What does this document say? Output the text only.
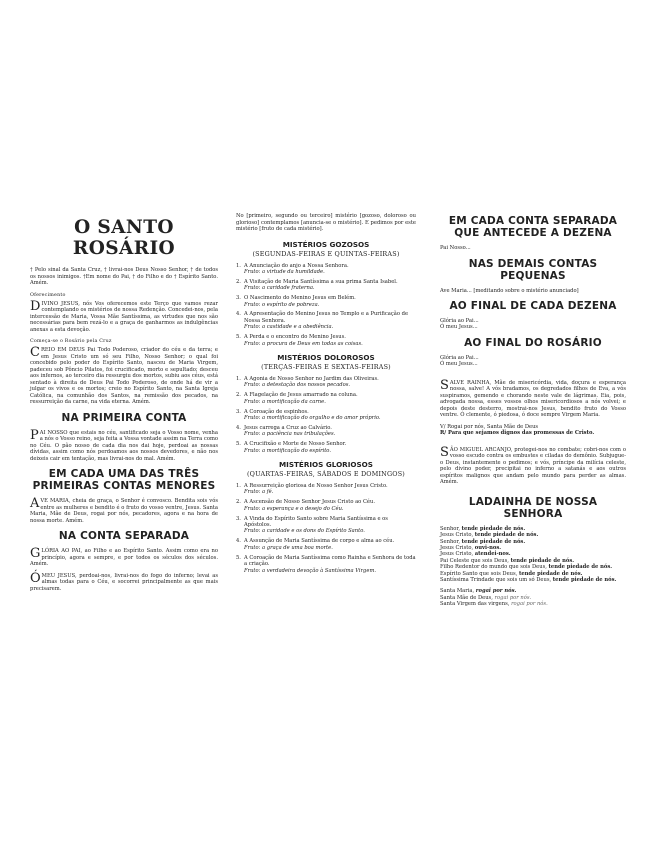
O SANTO ROSÁRIO

† Pelo sinal da Santa Cruz, † livrai-nos Deus Nosso Senhor, † de todos os nossos inimigos. †Em nome do Pai, † do Filho e do † Espírito Santo. Amém.

Oferecimento

DIVINO JESUS, nós Vos oferecemos este Terço que vamos rezar contemplando os mistérios de nossa Redenção. Concedei-nos, pela intercessão de Maria, Vossa Mãe Santíssima, as virtudes que nos são necessárias para bem rezá-lo e a graça de ganharmos as indulgências anexas a esta devoção.

Começa-se o Rosário pela Cruz

CREIO EM DEUS Pai Todo Poderoso, criador do céu e da terra; e em Jesus Cristo um só seu Filho, Nosso Senhor; o qual foi concebido pelo poder do Espírito Santo, nasceu de Maria Virgem, padeceu sob Pôncio Pilatos, foi crucificado, morto e sepultado; desceu aos infernos, ao terceiro dia ressurgiu dos mortos, subiu aos céus, está sentado à direita de Deus Pai Todo Poderoso, de onde há de vir a julgar os vivos e os mortos; creio no Espírito Santo, na Santa Igreja Católica, na comunhão dos Santos, na remissão dos pecados, na ressurreição da carne, na vida eterna. Amém.

NA PRIMEIRA CONTA

PAI NOSSO que estais no céu, santificado seja o Vosso nome, venha a nós o Vosso reino, seja feita a Vossa vontade assim na Terra como no Céu. O pão nosso de cada dia nos dai hoje, perdoai as nossas dívidas, assim como nós perdoamos aos nossos devedores, e não nos deixeis cair em tentação, mas livrai-nos do mal. Amém.

EM CADA UMA DAS TRÊS PRIMEIRAS CONTAS MENORES

AVE MARIA, cheia de graça, o Senhor é convosco. Bendita sois vós entre as mulheres e bendito é o fruto do vosso ventre, Jesus. Santa Maria, Mãe de Deus, rogai por nós, pecadores, agora e na hora de nossa morte. Amém.

NA CONTA SEPARADA

GLÓRIA AO PAI, ao Filho e ao Espírito Santo. Assim como era no princípio, agora e sempre, e por todos os séculos dos séculos. Amém.

ÓMEU JESUS, perdoai-nos, livrai-nos do fogo do inferno; levai as almas todas para o Céu, e socorrei principalmente as que mais precisarem.

No [primeiro, segundo ou terceiro] mistério [gozoso, doloroso ou glorioso] contemplamos [anuncia-se o mistério]. E pedimos por este mistério [fruto de cada mistério].

MISTÉRIOS GOZOSOS
(SEGUNDAS-FEIRAS E QUINTAS-FEIRAS)
1. A Anunciação do anjo a Nossa Senhora.
Fruto: a virtude da humildade.
2. A Visitação de Maria Santíssima a sua prima Santa Isabel.
Fruto: a caridade fraterna.
3. O Nascimento do Menino Jesus em Belém.
Fruto: o espírito de pobreza.
4. A Apresentação do Menino Jesus no Templo e a Purificação de Nossa Senhora.
Fruto: a castidade e a obediência.
5. A Perda e o encontro do Menino Jesus.
Fruto: a procura de Deus em todas as coisas.
MISTÉRIOS DOLOROSOS
(TERÇAS-FEIRAS E SEXTAS-FEIRAS)
1. A Agonia de Nosso Senhor no Jardim das Oliveiras.
Fruto: a detestação dos nossos pecados.
2. A Flagelação de Jesus amarrado na coluna.
Fruto: a mortificação da carne.
3. A Coroação de espinhos.
Fruto: a mortificação do orgulho e do amor próprio.
4. Jesus carrega a Cruz ao Calvário.
Fruto: a paciência nas tribulações.
5. A Crucifixão e Morte de Nosso Senhor.
Fruto: a mortificação do espírito.
MISTÉRIOS GLORIOSOS
(QUARTAS-FEIRAS, SÁBADOS E DOMINGOS)
1. A Ressurreição gloriosa de Nosso Senhor Jesus Cristo.
Fruto: a fé.
2. A Ascensão de Nosso Senhor Jesus Cristo ao Céu.
Fruto: a esperança e o desejo do Céu.
3. A Vinda do Espírito Santo sobre Maria Santíssima e os Apóstolos.
Fruto: a caridade e os dons do Espírito Santo.
4. A Assunção de Maria Santíssima de corpo e alma ao céu.
Fruto: a graça de uma boa morte.
5. A Coroação de Maria Santíssima como Rainha e Senhora de toda a criação.
Fruto: a verdadeira devoção à Santíssima Virgem.
EM CADA CONTA SEPARADA QUE ANTECEDE A DEZENA

Pai Nosso...

NAS DEMAIS CONTAS PEQUENAS

Ave Maria... [meditando sobre o mistério anunciado]

AO FINAL DE CADA DEZENA

Glória ao Pai...

Ó meu Jesus...

AO FINAL DO ROSÁRIO

Glória ao Pai...

Ó meu Jesus...

SALVE RAINHA, Mãe de misericórdia, vida, doçura e esperança nossa, salve! A vós bradamos, os degredados filhos de Eva, a vós suspiramos, gemendo e chorando neste vale de lágrimas. Eia, pois, advogada nossa, esses vossos olhos misericordiosos a nós volvei; e depois deste desterro, mostrai-nos Jesus, bendito fruto do Vosso ventre. Ó clemente, ó piedosa, ó doce sempre Virgem Maria.

V/ Rogai por nós, Santa Mãe de Deus

R/ Para que sejamos dignos das promessas de Cristo.

SÃO MIGUEL ARCANJO, protegei-nos no combate; cobri-nos com o vosso escudo contra os embustes e ciladas do demônio. Subjugue-o Deus, instantemente o pedimos; e vós, príncipe da milícia celeste, pelo divino poder, precipitai no inferno a satanás e aos outros espíritos malignos que andam pelo mundo para perder as almas. Amém.

LADAINHA DE NOSSA SENHORA

Senhor, tende piedade de nós.

Jesus Cristo, tende piedade de nós.

Senhor, tende piedade de nós.

Jesus Cristo, ouvi-nos.

Jesus Cristo, atendei-nos.

Pai Celeste que sois Deus, tende piedade de nós.

Filho Redentor do mundo que sois Deus, tende piedade de nós.

Espírito Santo que sois Deus, tende piedade de nós.

Santíssima Trindade que sois um só Deus, tende piedade de nós.

Santa Maria, rogai por nós.

Santa Mãe de Deus, rogai por nós.

Santa Virgem das virgens, rogai por nós.
